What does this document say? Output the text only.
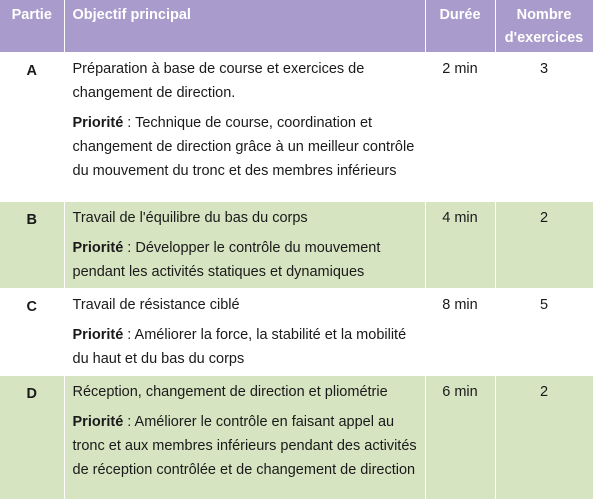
Partie	Objectif principal	Durée	Nombre
d'exercices
A	Préparation à base de course et exercices de changement de direction.

Priorité : Technique de course, coordination et changement de direction grâce à un meilleur contrôle du mouvement du tronc et des membres inférieurs	2 min	3
B	Travail de l'équilibre du bas du corps

Priorité : Développer le contrôle du mouvement pendant les activités statiques et dynamiques	4 min	2
C	Travail de résistance ciblé

Priorité : Améliorer la force, la stabilité et la mobilité du haut et du bas du corps	8 min	5
D	Réception, changement de direction et pliométrie

Priorité : Améliorer le contrôle en faisant appel au tronc et aux membres inférieurs pendant des activités de réception contrôlée et de changement de direction	6 min	2
